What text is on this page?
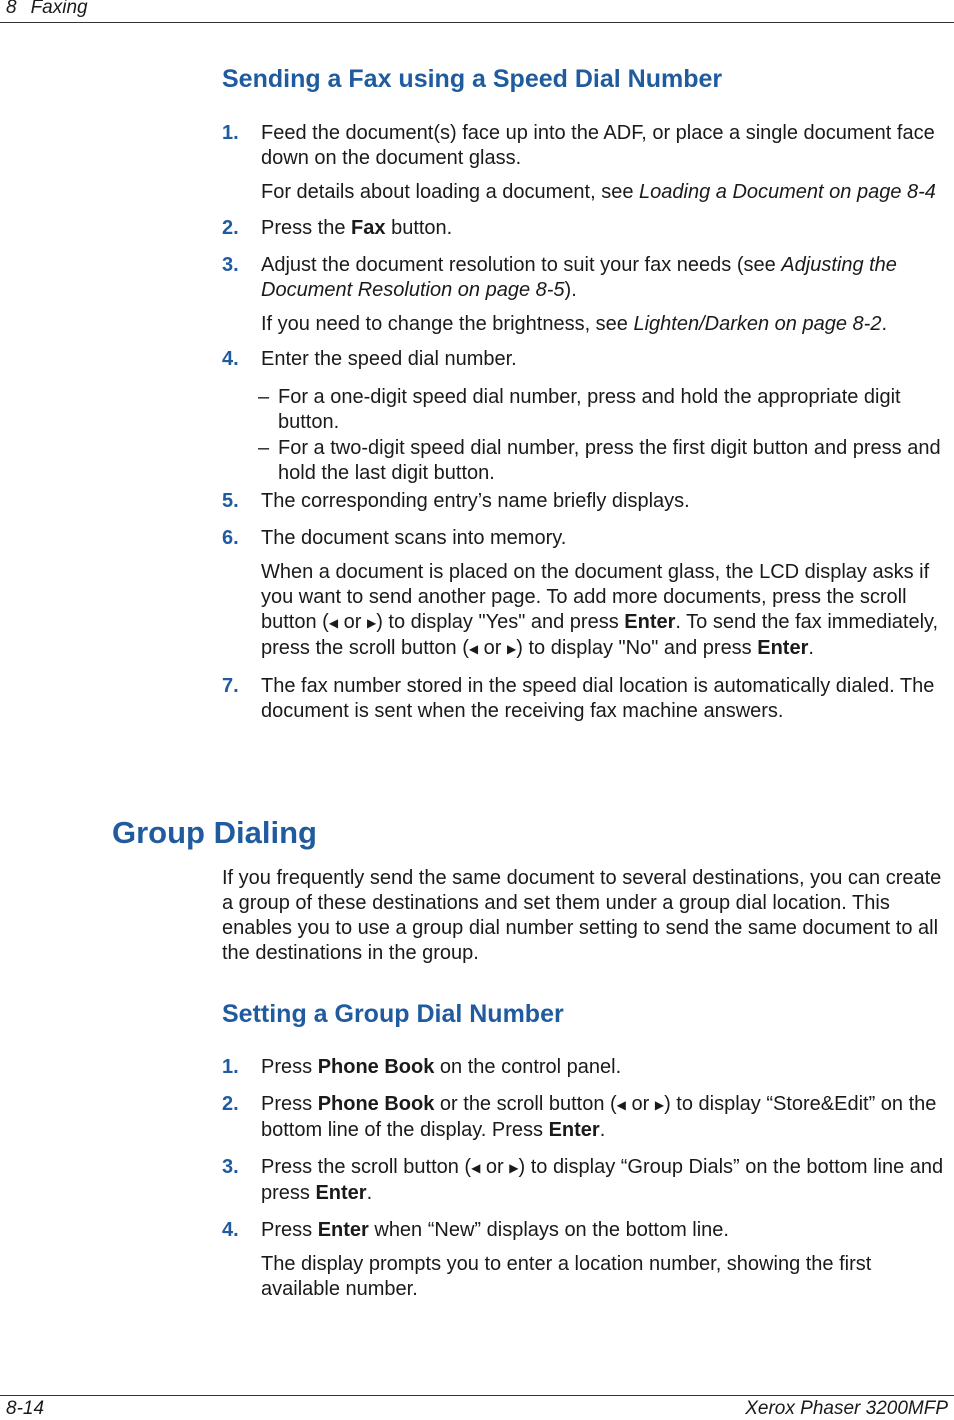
8 Faxing
Sending a Fax using a Speed Dial Number
1. Feed the document(s) face up into the ADF, or place a single document face down on the document glass.

For details about loading a document, see Loading a Document on page 8-4

2. Press the Fax button.

3. Adjust the document resolution to suit your fax needs (see Adjusting the Document Resolution on page 8-5).

If you need to change the brightness, see Lighten/Darken on page 8-2.

4. Enter the speed dial number.

– For a one-digit speed dial number, press and hold the appropriate digit button.
– For a two-digit speed dial number, press the first digit button and press and hold the last digit button.
5. The corresponding entry’s name briefly displays.

6. The document scans into memory.

When a document is placed on the document glass, the LCD display asks if you want to send another page. To add more documents, press the scroll button (◀ or ▶) to display "Yes" and press Enter. To send the fax immediately, press the scroll button (◀ or ▶) to display "No" and press Enter.

7. The fax number stored in the speed dial location is automatically dialed. The document is sent when the receiving fax machine answers.

Group Dialing

If you frequently send the same document to several destinations, you can create a group of these destinations and set them under a group dial location. This enables you to use a group dial number setting to send the same document to all the destinations in the group.

Setting a Group Dial Number
1. Press Phone Book on the control panel.

2. Press Phone Book or the scroll button (◀ or ▶) to display “Store&Edit” on the bottom line of the display. Press Enter.

3. Press the scroll button (◀ or ▶) to display “Group Dials” on the bottom line and press Enter.

4. Press Enter when “New” displays on the bottom line.

The display prompts you to enter a location number, showing the first available number.

8-14	Xerox Phaser 3200MFP
